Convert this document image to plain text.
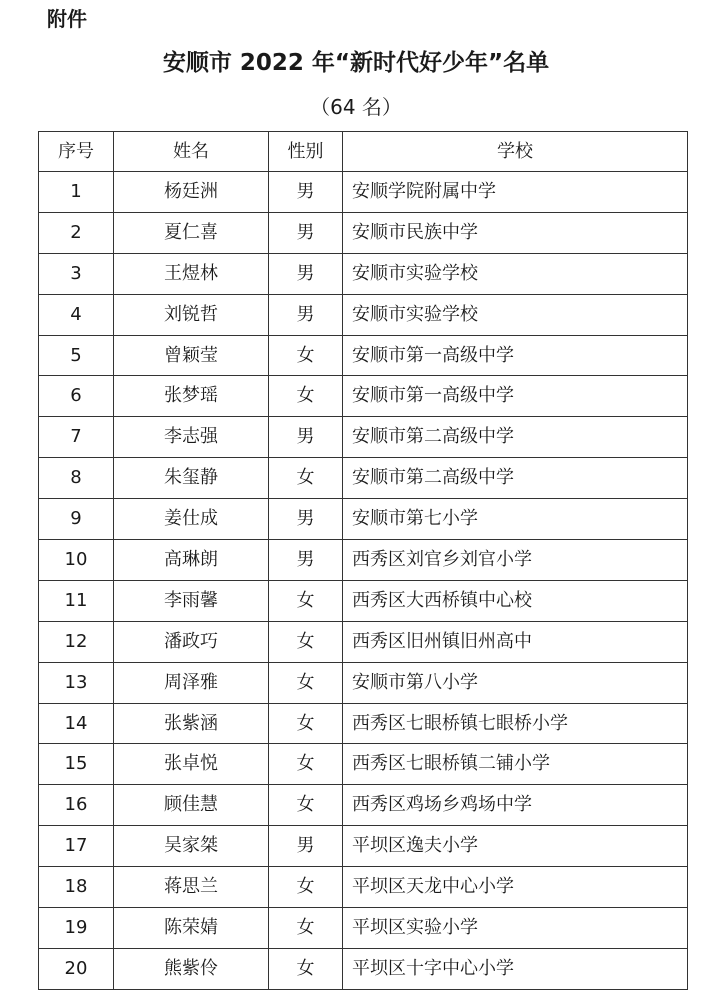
附件
安顺市 2022 年“新时代好少年”名单
（64 名）
序号	姓名	性别	学校
1	杨廷洲	男	安顺学院附属中学
2	夏仁喜	男	安顺市民族中学
3	王煜林	男	安顺市实验学校
4	刘锐哲	男	安顺市实验学校
5	曾颖莹	女	安顺市第一高级中学
6	张梦瑶	女	安顺市第一高级中学
7	李志强	男	安顺市第二高级中学
8	朱玺静	女	安顺市第二高级中学
9	姜仕成	男	安顺市第七小学
10	高琳朗	男	西秀区刘官乡刘官小学
11	李雨馨	女	西秀区大西桥镇中心校
12	潘政巧	女	西秀区旧州镇旧州高中
13	周泽雅	女	安顺市第八小学
14	张紫涵	女	西秀区七眼桥镇七眼桥小学
15	张卓悦	女	西秀区七眼桥镇二铺小学
16	顾佳慧	女	西秀区鸡场乡鸡场中学
17	吴家桀	男	平坝区逸夫小学
18	蒋思兰	女	平坝区天龙中心小学
19	陈荣婧	女	平坝区实验小学
20	熊紫伶	女	平坝区十字中心小学
